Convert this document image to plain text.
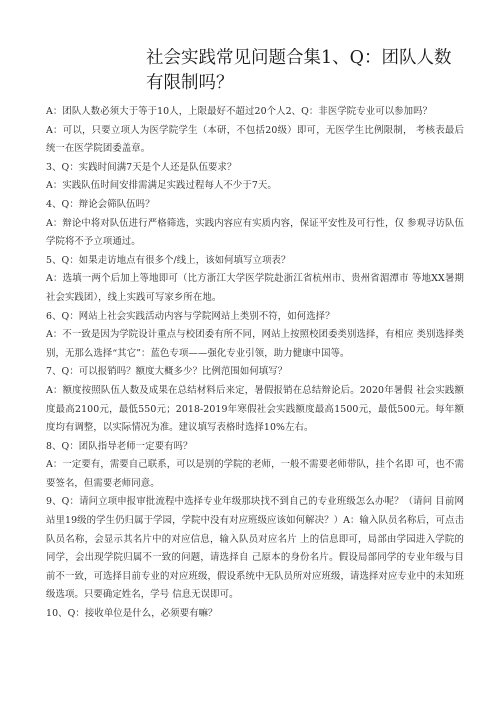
社会实践常见问题合集1、Q：团队人数有限制吗？

A：团队人数必须大于等于10人，上限最好不超过20个人2、Q：非医学院专业可以参加吗？

A：可以，只要立项人为医学院学生（本研，不包括20级）即可，无医学生比例限制， 考核表最后统一在医学院团委盖章。

3、Q：实践时间满7天是个人还是队伍要求？

A：实践队伍时间安排需满足实践过程每人不少于7天。

4、Q：辩论会筛队伍吗？

A：辩论中将对队伍进行严格筛选，实践内容应有实质内容，保证平安性及可行性，仅 参观寻访队伍学院将不予立项通过。

5、Q：如果走访地点有很多个/线上，该如何填写立项表？

A：选填一两个后加上等地即可（比方浙江大学医学院赴浙江省杭州市、贵州省湄潭市 等地XX暑期社会实践团），线上实践可写家乡所在地。

6、Q：网站上社会实践活动内容与学院网站上类别不符，如何选择？

A：不一致是因为学院设计重点与校团委有所不同，网站上按照校团委类别选择，有相应 类别选择类别，无那么选择“其它”：蓝色专项——强化专业引领，助力健康中国等。

7、Q：可以报销吗？额度大概多少？比例范围如何填写？

A：额度按照队伍人数及成果在总结材料后来定，暑假报销在总结辩论后。2020年暑假 社会实践额度最高2100元，最低550元；2018-2019年寒假社会实践额度最高1500元，最低500元。每年额度均有调整，以实际情况为准。建议填写表格时选择10%左右。

8、Q：团队指导老师一定要有吗？

A：一定要有，需要自己联系，可以是别的学院的老师，一般不需要老师带队，挂个名即 可，也不需要签名，但需要老师同意。

9、Q：请问立项申报审批流程中选择专业年级那块找不到自己的专业班级怎么办呢？（请问 目前网站里19级的学生仍归属于学园，学院中没有对应班级应该如何解决？）A：输入队员名称后，可点击队员名称，会显示其名片中的对应信息，输入队员对应名片 上的信息即可，局部由学园进入学院的同学，会出现学院归属不一致的问题，请选择自 己原本的身份名片。假设局部同学的专业年级与目前不一致，可选择目前专业的对应班级，假设系统中无队员所对应班级，请选择对应专业中的未知班级选项。只要确定姓名，学号 信息无误即可。

10、Q：接收单位是什么，必须要有嘛？
